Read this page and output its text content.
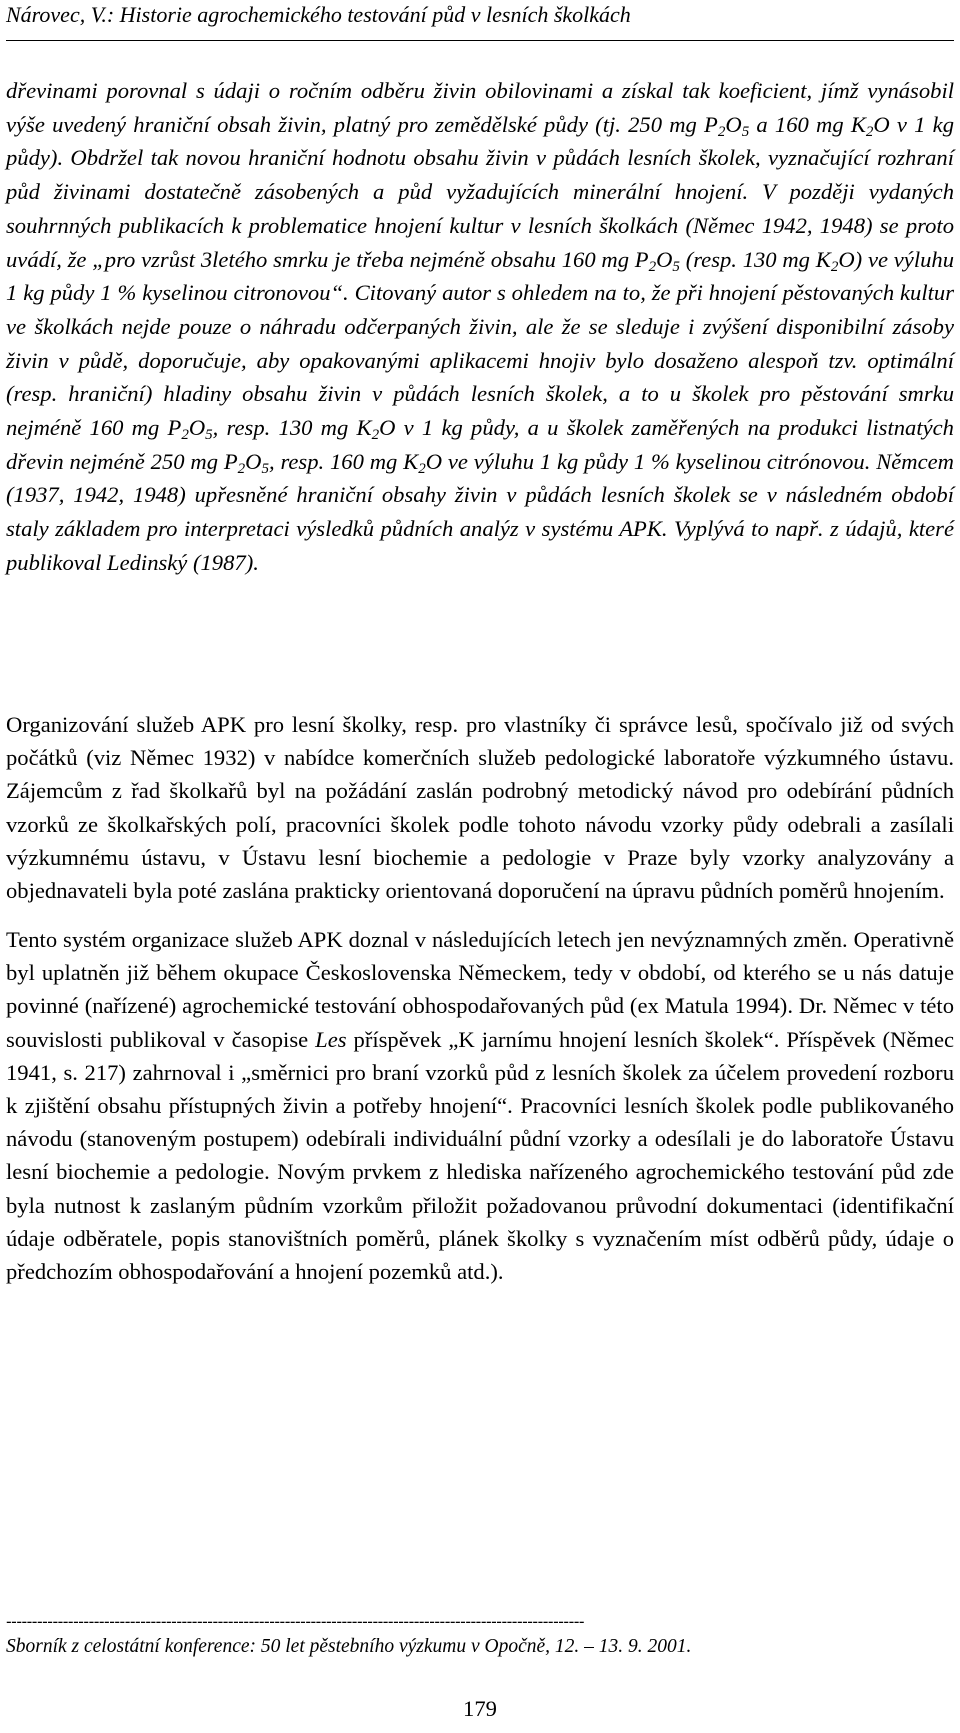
Nárovec, V.: Historie agrochemického testování půd v lesních školkách

dřevinami porovnal s údaji o ročním odběru živin obilovinami a získal tak koeficient, jímž vynásobil výše uvedený hraniční obsah živin, platný pro zemědělské půdy (tj. 250 mg $P_2O_5$ a 160 mg $K_2O$ v 1 kg půdy). Obdržel tak novou hraniční hodnotu obsahu živin v půdách lesních školek, vyznačující rozhraní půd živinami dostatečně zásobených a půd vyžadujících minerální hnojení. V později vydaných souhrnných publikacích k problematice hnojení kultur v lesních školkách (Němec 1942, 1948) se proto uvádí, že „pro vzrůst 3letého smrku je třeba nejméně obsahu 160 mg $P_2O_5$ (resp. 130 mg $K_2O$) ve výluhu 1 kg půdy 1 % kyselinou citronovou“. Citovaný autor s ohledem na to, že při hnojení pěstovaných kultur ve školkách nejde pouze o náhradu odčerpaných živin, ale že se sleduje i zvýšení disponibilní zásoby živin v půdě, doporučuje, aby opakovanými aplikacemi hnojiv bylo dosaženo alespoň tzv. optimální (resp. hraniční) hladiny obsahu živin v půdách lesních školek, a to u školek pro pěstování smrku nejméně 160 mg $P_2O_5$, resp. 130 mg $K_2O$ v 1 kg půdy, a u školek zaměřených na produkci listnatých dřevin nejméně 250 mg $P_2O_5$, resp. 160 mg $K_2O$ ve výluhu 1 kg půdy 1 % kyselinou citrónovou. Němcem (1937, 1942, 1948) upřesněné hraniční obsahy živin v půdách lesních školek se v následném období staly základem pro interpretaci výsledků půdních analýz v systému APK. Vyplývá to např. z údajů, které publikoval Ledinský (1987).

Organizování služeb APK pro lesní školky, resp. pro vlastníky či správce lesů, spočívalo již od svých počátků (viz Němec 1932) v nabídce komerčních služeb pedologické laboratoře výzkumného ústavu. Zájemcům z řad školkařů byl na požádání zaslán podrobný metodický návod pro odebírání půdních vzorků ze školkařských polí, pracovníci školek podle tohoto návodu vzorky půdy odebrali a zasílali výzkumnému ústavu, v Ústavu lesní biochemie a pedologie v Praze byly vzorky analyzovány a objednavateli byla poté zaslána prakticky orientovaná doporučení na úpravu půdních poměrů hnojením.

Tento systém organizace služeb APK doznal v následujících letech jen nevýznamných změn. Operativně byl uplatněn již během okupace Československa Německem, tedy v období, od kterého se u nás datuje povinné (nařízené) agrochemické testování obhospodařovaných půd (ex Matula 1994). Dr. Němec v této souvislosti publikoval v časopise Les příspěvek „K jarnímu hnojení lesních školek“. Příspěvek (Němec 1941, s. 217) zahrnoval i „směrnici pro braní vzorků půd z lesních školek za účelem provedení rozboru k zjištění obsahu přístupných živin a potřeby hnojení“. Pracovníci lesních školek podle publikovaného návodu (stanoveným postupem) odebírali individuální půdní vzorky a odesílali je do laboratoře Ústavu lesní biochemie a pedologie. Novým prvkem z hlediska nařízeného agrochemického testování půd zde byla nutnost k zaslaným půdním vzorkům přiložit požadovanou průvodní dokumentaci (identifikační údaje odběratele, popis stanovištních poměrů, plánek školky s vyznačením míst odběrů půdy, údaje o předchozím obhospodařování a hnojení pozemků atd.).

----------------------------------------------------------------------------------------------------------------
Sborník z celostátní konference: 50 let pěstebního výzkumu v Opočně, 12. – 13. 9. 2001.
179
